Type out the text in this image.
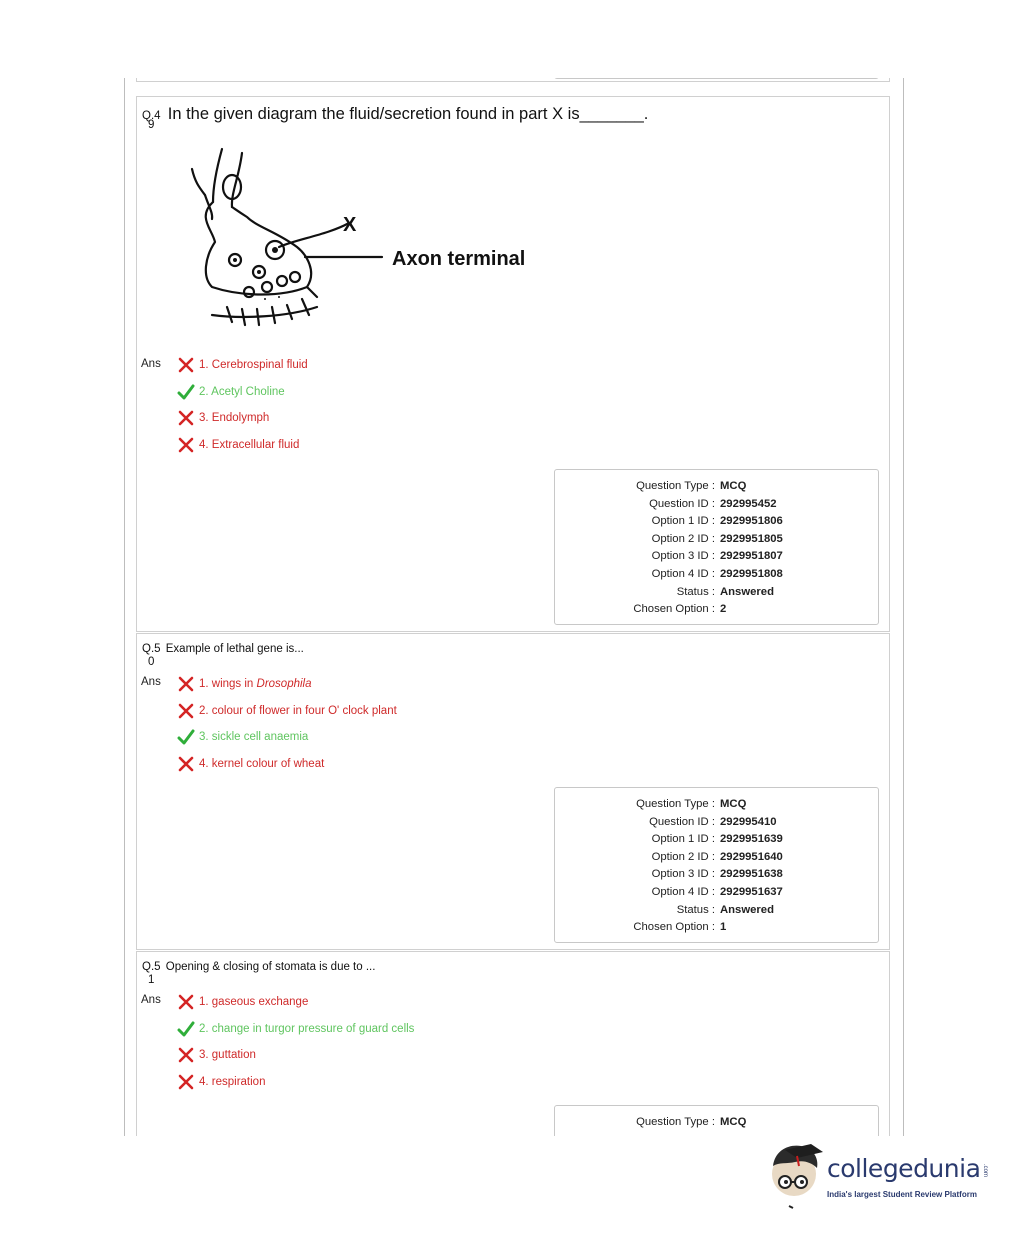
Q.4
9
In the given diagram the fluid/secretion found in part X is_______.
X
Axon terminal
Ans	1. Cerebrospinal fluid
2. Acetyl Choline
3. Endolymph
4. Extracellular fluid
Question Type : MCQ
Question ID : 292995452
Option 1 ID : 2929951806
Option 2 ID : 2929951805
Option 3 ID : 2929951807
Option 4 ID : 2929951808
Status : Answered
Chosen Option : 2
Q.5
0
Example of lethal gene is...
Ans	1. wings in Drosophila
2. colour of flower in four O' clock plant
3. sickle cell anaemia
4. kernel colour of wheat
Question Type : MCQ
Question ID : 292995410
Option 1 ID : 2929951639
Option 2 ID : 2929951640
Option 3 ID : 2929951638
Option 4 ID : 2929951637
Status : Answered
Chosen Option : 1
Q.5
1
Opening & closing of stomata is due to ...
Ans	1. gaseous exchange
2. change in turgor pressure of guard cells
3. guttation
4. respiration
Question Type : MCQ
collegedunia .com
India's largest Student Review Platform
